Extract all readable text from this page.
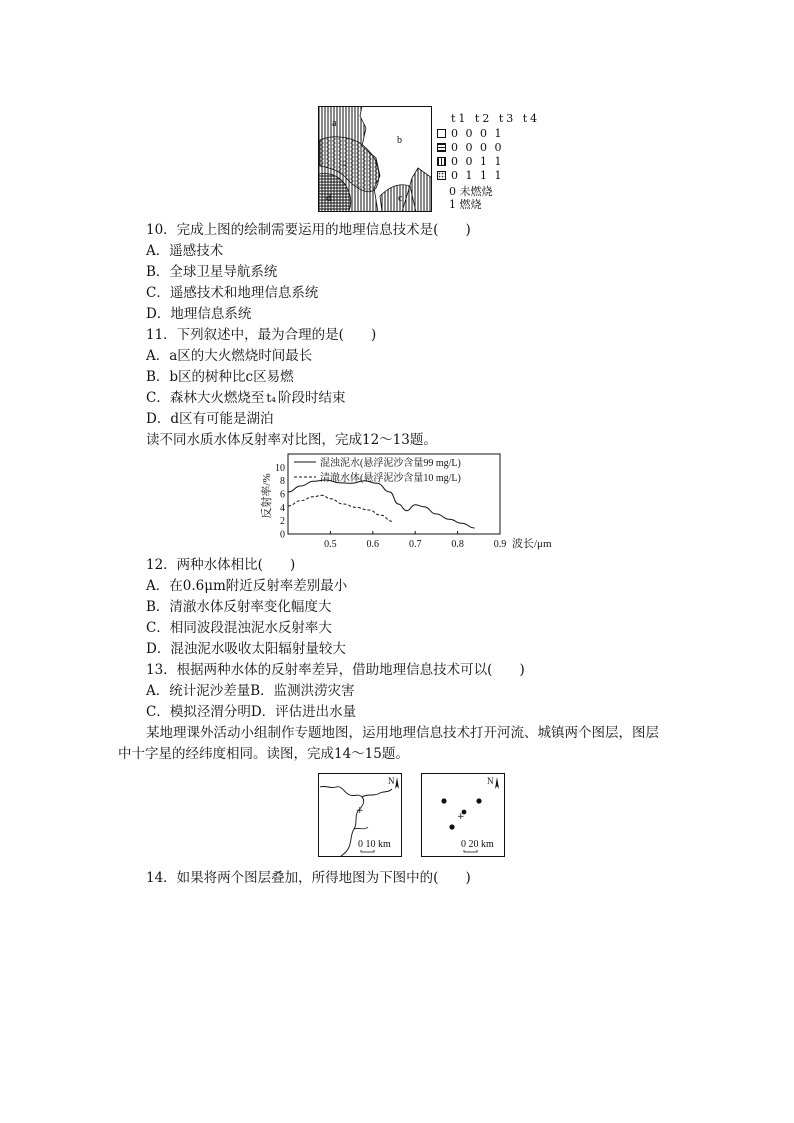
a
b
c
d	c
t1 t2 t3 t4
0 0 0 1
0 0 0 0
0 0 1 1
0 1 1 1
0 未燃烧
1 燃烧
10．完成上图的绘制需要运用的地理信息技术是(　　)
A．遥感技术
B．全球卫星导航系统
C．遥感技术和地理信息系统
D．地理信息系统
11．下列叙述中，最为合理的是(　　)
A．a区的大火燃烧时间最长
B．b区的树种比c区易燃
C．森林大火燃烧至 t₄ 阶段时结束
D．d区有可能是湖泊
读不同水质水体反射率对比图，完成12～13题。
反射率/%
0
2
4
6
8
10
0.5	0.6	0.7	0.8	0.9 波长/μm
混浊泥水(悬浮泥沙含量99 mg/L)
清澈水体(悬浮泥沙含量10 mg/L)
12．两种水体相比(　　)
A．在0.6μm附近反射率差别最小
B．清澈水体反射率变化幅度大
C．相同波段混浊泥水反射率大
D．混浊泥水吸收太阳辐射量较大
13．根据两种水体的反射率差异，借助地理信息技术可以(　　)
A．统计泥沙差量B．监测洪涝灾害
C．模拟泾渭分明D．评估进出水量
某地理课外活动小组制作专题地图，运用地理信息技术打开河流、城镇两个图层，图层
中十字星的经纬度相同。读图，完成14～15题。
+
N
0 10 km
+
N
0 20 km
14．如果将两个图层叠加，所得地图为下图中的(　　)
